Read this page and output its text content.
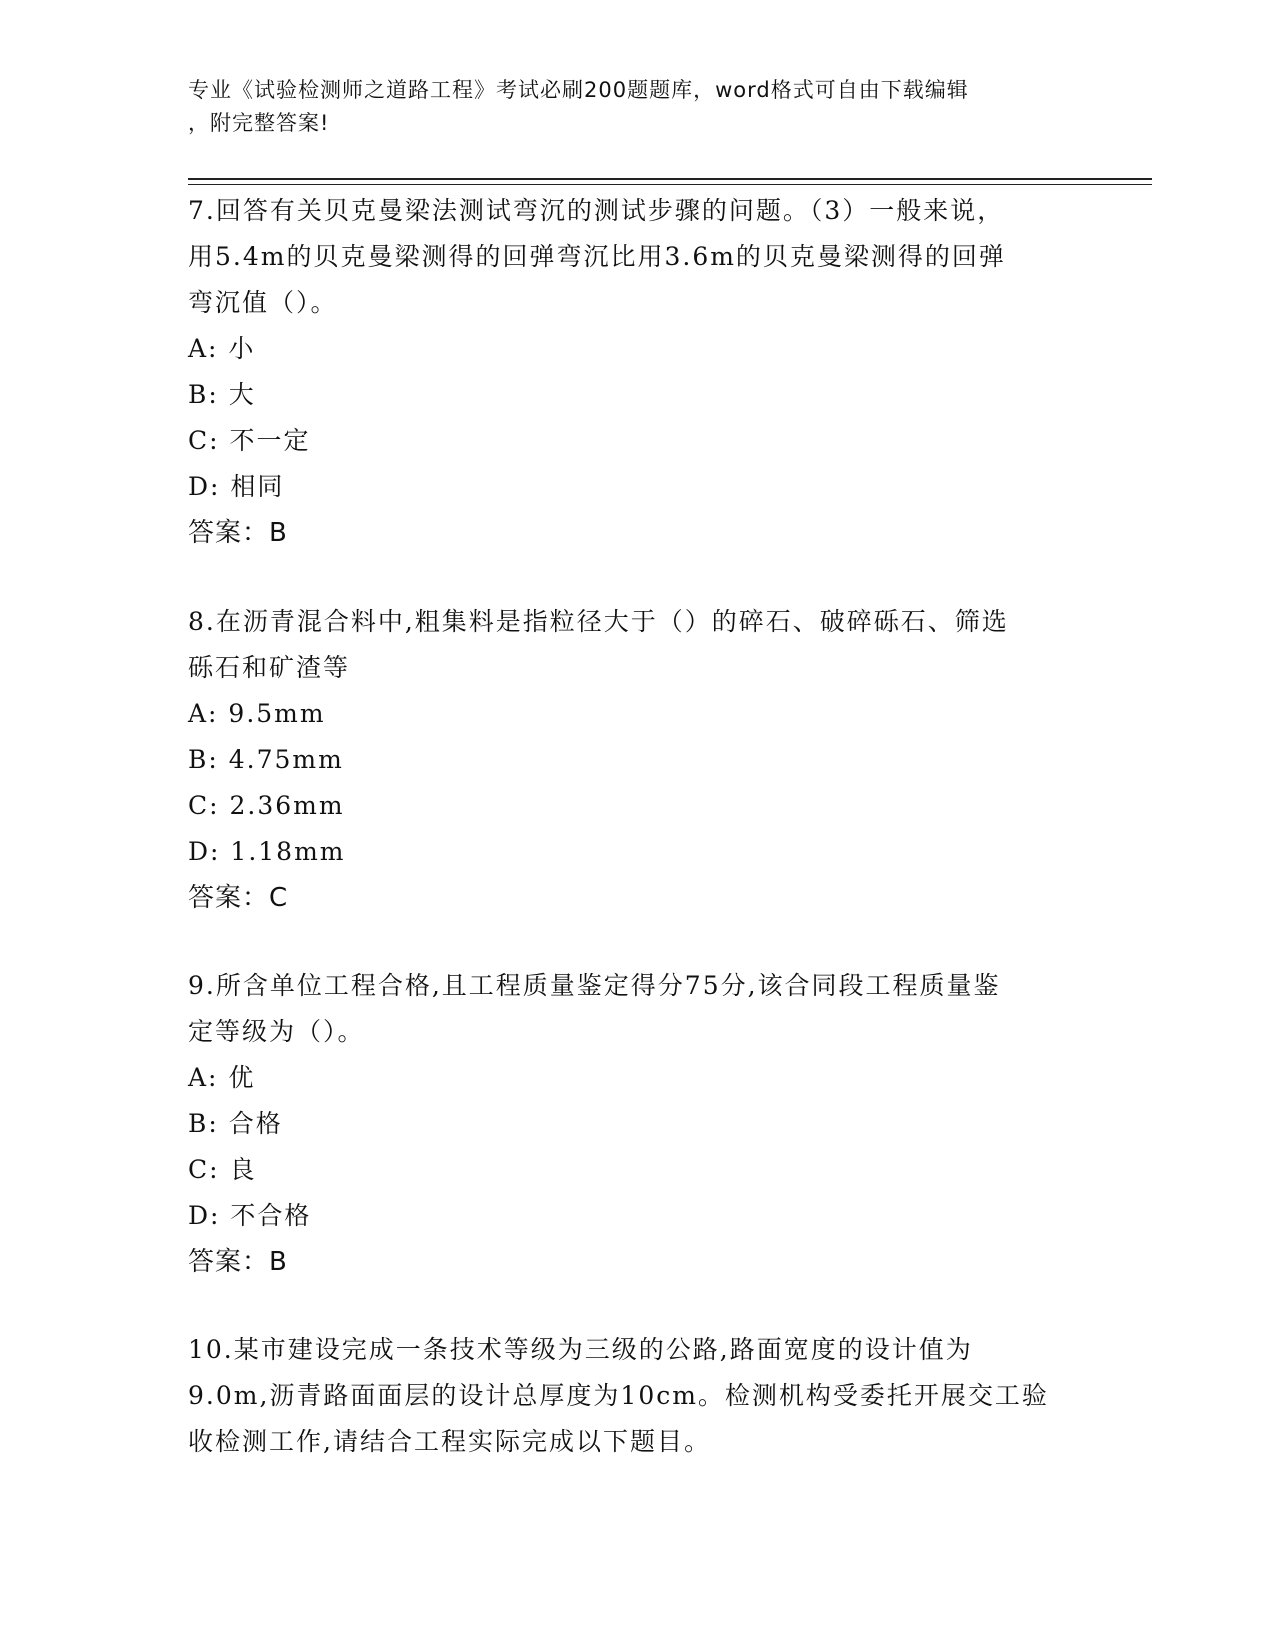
专业《试验检测师之道路工程》考试必刷200题题库，word格式可自由下载编辑
，附完整答案!
7.回答有关贝克曼梁法测试弯沉的测试步骤的问题。（3）一般来说，
用5.4m的贝克曼梁测得的回弹弯沉比用3.6m的贝克曼梁测得的回弹
弯沉值（）。
A: 小
B: 大
C: 不一定
D: 相同
答案：B
8.在沥青混合料中,粗集料是指粒径大于（）的碎石、破碎砾石、筛选
砾石和矿渣等
A: 9.5mm
B: 4.75mm
C: 2.36mm
D: 1.18mm
答案：C
9.所含单位工程合格,且工程质量鉴定得分75分,该合同段工程质量鉴
定等级为（）。
A: 优
B: 合格
C: 良
D: 不合格
答案：B
10.某市建设完成一条技术等级为三级的公路,路面宽度的设计值为
9.0m,沥青路面面层的设计总厚度为10cm。检测机构受委托开展交工验
收检测工作,请结合工程实际完成以下题目。
